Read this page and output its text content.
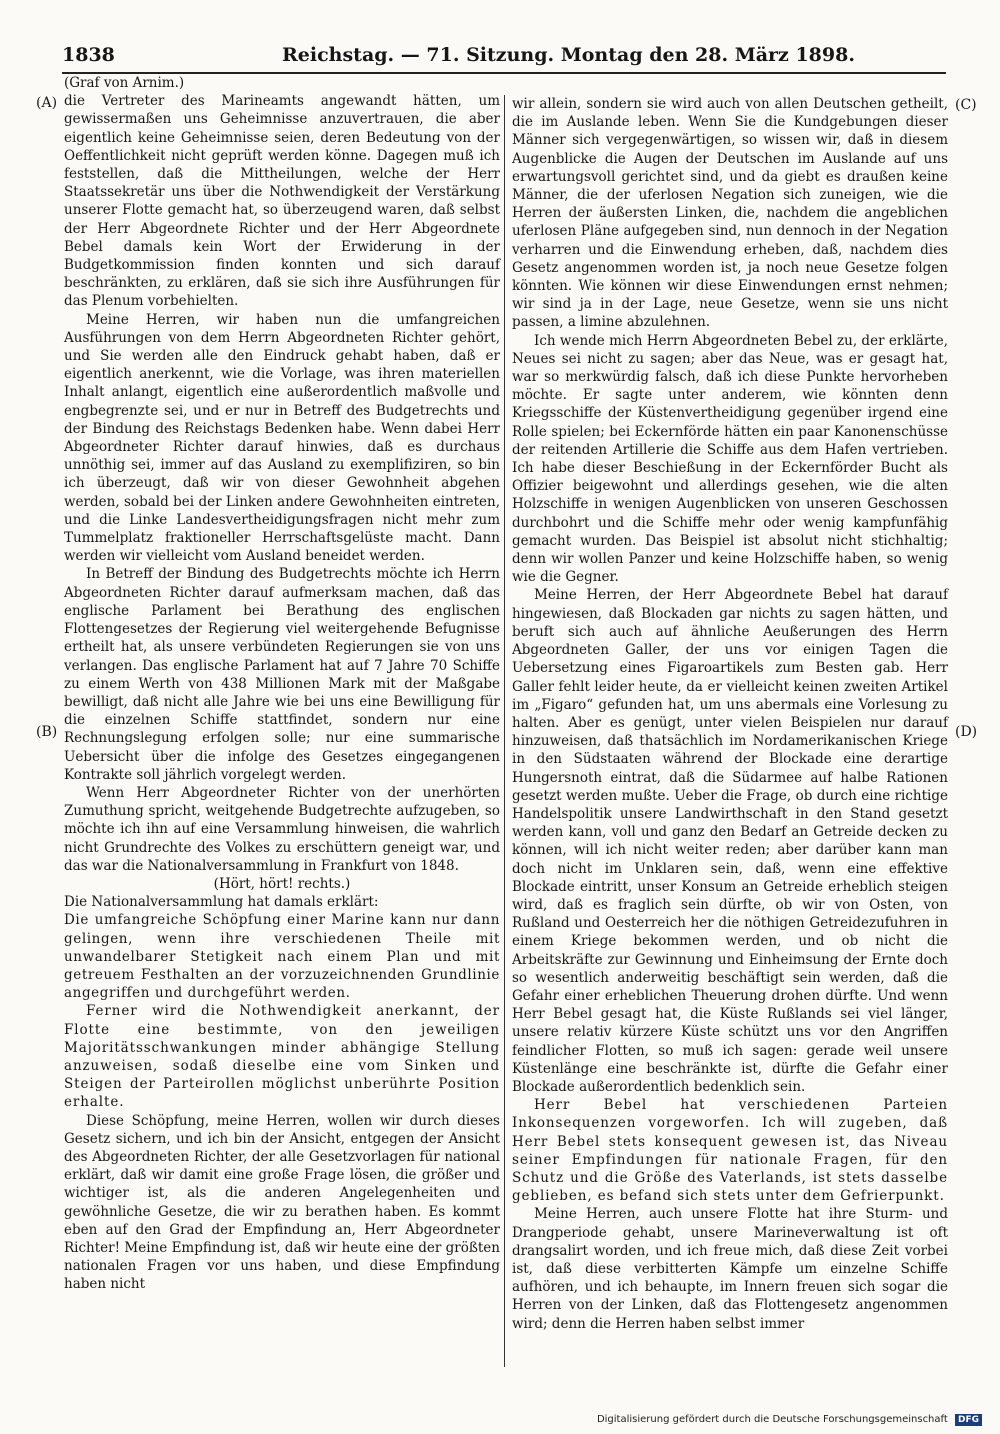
1838	Reichstag. — 71. Sitzung. Montag den 28. März 1898.
(A)
(B)
(C)
(D)

(Graf von Arnim.)

die Vertreter des Marineamts angewandt hätten, um gewissermaßen uns Geheimnisse anzuvertrauen, die aber eigentlich keine Geheimnisse seien, deren Bedeutung von der Oeffentlichkeit nicht geprüft werden könne. Dagegen muß ich feststellen, daß die Mittheilungen, welche der Herr Staatssekretär uns über die Nothwendigkeit der Verstärkung unserer Flotte gemacht hat, so überzeugend waren, daß selbst der Herr Abgeordnete Richter und der Herr Abgeordnete Bebel damals kein Wort der Erwiderung in der Budgetkommission finden konnten und sich darauf beschränkten, zu erklären, daß sie sich ihre Ausführungen für das Plenum vorbehielten.

Meine Herren, wir haben nun die umfangreichen Ausführungen von dem Herrn Abgeordneten Richter gehört, und Sie werden alle den Eindruck gehabt haben, daß er eigentlich anerkennt, wie die Vorlage, was ihren materiellen Inhalt anlangt, eigentlich eine außerordentlich maßvolle und engbegrenzte sei, und er nur in Betreff des Budgetrechts und der Bindung des Reichstags Bedenken habe. Wenn dabei Herr Abgeordneter Richter darauf hinwies, daß es durchaus unnöthig sei, immer auf das Ausland zu exemplifiziren, so bin ich überzeugt, daß wir von dieser Gewohnheit abgehen werden, sobald bei der Linken andere Gewohnheiten eintreten, und die Linke Landesvertheidigungsfragen nicht mehr zum Tummelplatz fraktioneller Herrschaftsgelüste macht. Dann werden wir vielleicht vom Ausland beneidet werden.

In Betreff der Bindung des Budgetrechts möchte ich Herrn Abgeordneten Richter darauf aufmerksam machen, daß das englische Parlament bei Berathung des englischen Flottengesetzes der Regierung viel weitergehende Befugnisse ertheilt hat, als unsere verbündeten Regierungen sie von uns verlangen. Das englische Parlament hat auf 7 Jahre 70 Schiffe zu einem Werth von 438 Millionen Mark mit der Maßgabe bewilligt, daß nicht alle Jahre wie bei uns eine Bewilligung für die einzelnen Schiffe stattfindet, sondern nur eine Rechnungslegung erfolgen solle; nur eine summarische Uebersicht über die infolge des Gesetzes eingegangenen Kontrakte soll jährlich vorgelegt werden.

Wenn Herr Abgeordneter Richter von der unerhörten Zumuthung spricht, weitgehende Budgetrechte aufzugeben, so möchte ich ihn auf eine Versammlung hinweisen, die wahrlich nicht Grundrechte des Volkes zu erschüttern geneigt war, und das war die Nationalversammlung in Frankfurt von 1848.

(Hört, hört! rechts.)

Die Nationalversammlung hat damals erklärt:

Die umfangreiche Schöpfung einer Marine kann nur dann gelingen, wenn ihre verschiedenen Theile mit unwandelbarer Stetigkeit nach einem Plan und mit getreuem Festhalten an der vorzuzeichnenden Grundlinie angegriffen und durchgeführt werden.

Ferner wird die Nothwendigkeit anerkannt, der Flotte eine bestimmte, von den jeweiligen Majoritätsschwankungen minder abhängige Stellung anzuweisen, sodaß dieselbe eine vom Sinken und Steigen der Parteirollen möglichst unberührte Position erhalte.

Diese Schöpfung, meine Herren, wollen wir durch dieses Gesetz sichern, und ich bin der Ansicht, entgegen der Ansicht des Abgeordneten Richter, der alle Gesetzvorlagen für national erklärt, daß wir damit eine große Frage lösen, die größer und wichtiger ist, als die anderen Angelegenheiten und gewöhnliche Gesetze, die wir zu berathen haben. Es kommt eben auf den Grad der Empfindung an, Herr Abgeordneter Richter! Meine Empfindung ist, daß wir heute eine der größten nationalen Fragen vor uns haben, und diese Empfindung haben nicht

wir allein, sondern sie wird auch von allen Deutschen getheilt, die im Auslande leben. Wenn Sie die Kundgebungen dieser Männer sich vergegenwärtigen, so wissen wir, daß in diesem Augenblicke die Augen der Deutschen im Auslande auf uns erwartungsvoll gerichtet sind, und da giebt es draußen keine Männer, die der uferlosen Negation sich zuneigen, wie die Herren der äußersten Linken, die, nachdem die angeblichen uferlosen Pläne aufgegeben sind, nun dennoch in der Negation verharren und die Einwendung erheben, daß, nachdem dies Gesetz angenommen worden ist, ja noch neue Gesetze folgen könnten. Wie können wir diese Einwendungen ernst nehmen; wir sind ja in der Lage, neue Gesetze, wenn sie uns nicht passen, a limine abzulehnen.

Ich wende mich Herrn Abgeordneten Bebel zu, der erklärte, Neues sei nicht zu sagen; aber das Neue, was er gesagt hat, war so merkwürdig falsch, daß ich diese Punkte hervorheben möchte. Er sagte unter anderem, wie könnten denn Kriegsschiffe der Küstenvertheidigung gegenüber irgend eine Rolle spielen; bei Eckernförde hätten ein paar Kanonenschüsse der reitenden Artillerie die Schiffe aus dem Hafen vertrieben. Ich habe dieser Beschießung in der Eckernförder Bucht als Offizier beigewohnt und allerdings gesehen, wie die alten Holzschiffe in wenigen Augenblicken von unseren Geschossen durchbohrt und die Schiffe mehr oder wenig kampfunfähig gemacht wurden. Das Beispiel ist absolut nicht stichhaltig; denn wir wollen Panzer und keine Holzschiffe haben, so wenig wie die Gegner.

Meine Herren, der Herr Abgeordnete Bebel hat darauf hingewiesen, daß Blockaden gar nichts zu sagen hätten, und beruft sich auch auf ähnliche Aeußerungen des Herrn Abgeordneten Galler, der uns vor einigen Tagen die Uebersetzung eines Figaroartikels zum Besten gab. Herr Galler fehlt leider heute, da er vielleicht keinen zweiten Artikel im „Figaro“ gefunden hat, um uns abermals eine Vorlesung zu halten. Aber es genügt, unter vielen Beispielen nur darauf hinzuweisen, daß thatsächlich im Nordamerikanischen Kriege in den Südstaaten während der Blockade eine derartige Hungersnoth eintrat, daß die Südarmee auf halbe Rationen gesetzt werden mußte. Ueber die Frage, ob durch eine richtige Handelspolitik unsere Landwirthschaft in den Stand gesetzt werden kann, voll und ganz den Bedarf an Getreide decken zu können, will ich nicht weiter reden; aber darüber kann man doch nicht im Unklaren sein, daß, wenn eine effektive Blockade eintritt, unser Konsum an Getreide erheblich steigen wird, daß es fraglich sein dürfte, ob wir von Osten, von Rußland und Oesterreich her die nöthigen Getreidezufuhren in einem Kriege bekommen werden, und ob nicht die Arbeitskräfte zur Gewinnung und Einheimsung der Ernte doch so wesentlich anderweitig beschäftigt sein werden, daß die Gefahr einer erheblichen Theuerung drohen dürfte. Und wenn Herr Bebel gesagt hat, die Küste Rußlands sei viel länger, unsere relativ kürzere Küste schützt uns vor den Angriffen feindlicher Flotten, so muß ich sagen: gerade weil unsere Küstenlänge eine beschränkte ist, dürfte die Gefahr einer Blockade außerordentlich bedenklich sein.

Herr Bebel hat verschiedenen Parteien Inkonsequenzen vorgeworfen. Ich will zugeben, daß Herr Bebel stets konsequent gewesen ist, das Niveau seiner Empfindungen für nationale Fragen, für den Schutz und die Größe des Vaterlands, ist stets dasselbe geblieben, es befand sich stets unter dem Gefrierpunkt.

Meine Herren, auch unsere Flotte hat ihre Sturm- und Drangperiode gehabt, unsere Marineverwaltung ist oft drangsalirt worden, und ich freue mich, daß diese Zeit vorbei ist, daß diese verbitterten Kämpfe um einzelne Schiffe aufhören, und ich behaupte, im Innern freuen sich sogar die Herren von der Linken, daß das Flottengesetz angenommen wird; denn die Herren haben selbst immer

Digitalisierung gefördert durch die Deutsche Forschungsgemeinschaft DFG
